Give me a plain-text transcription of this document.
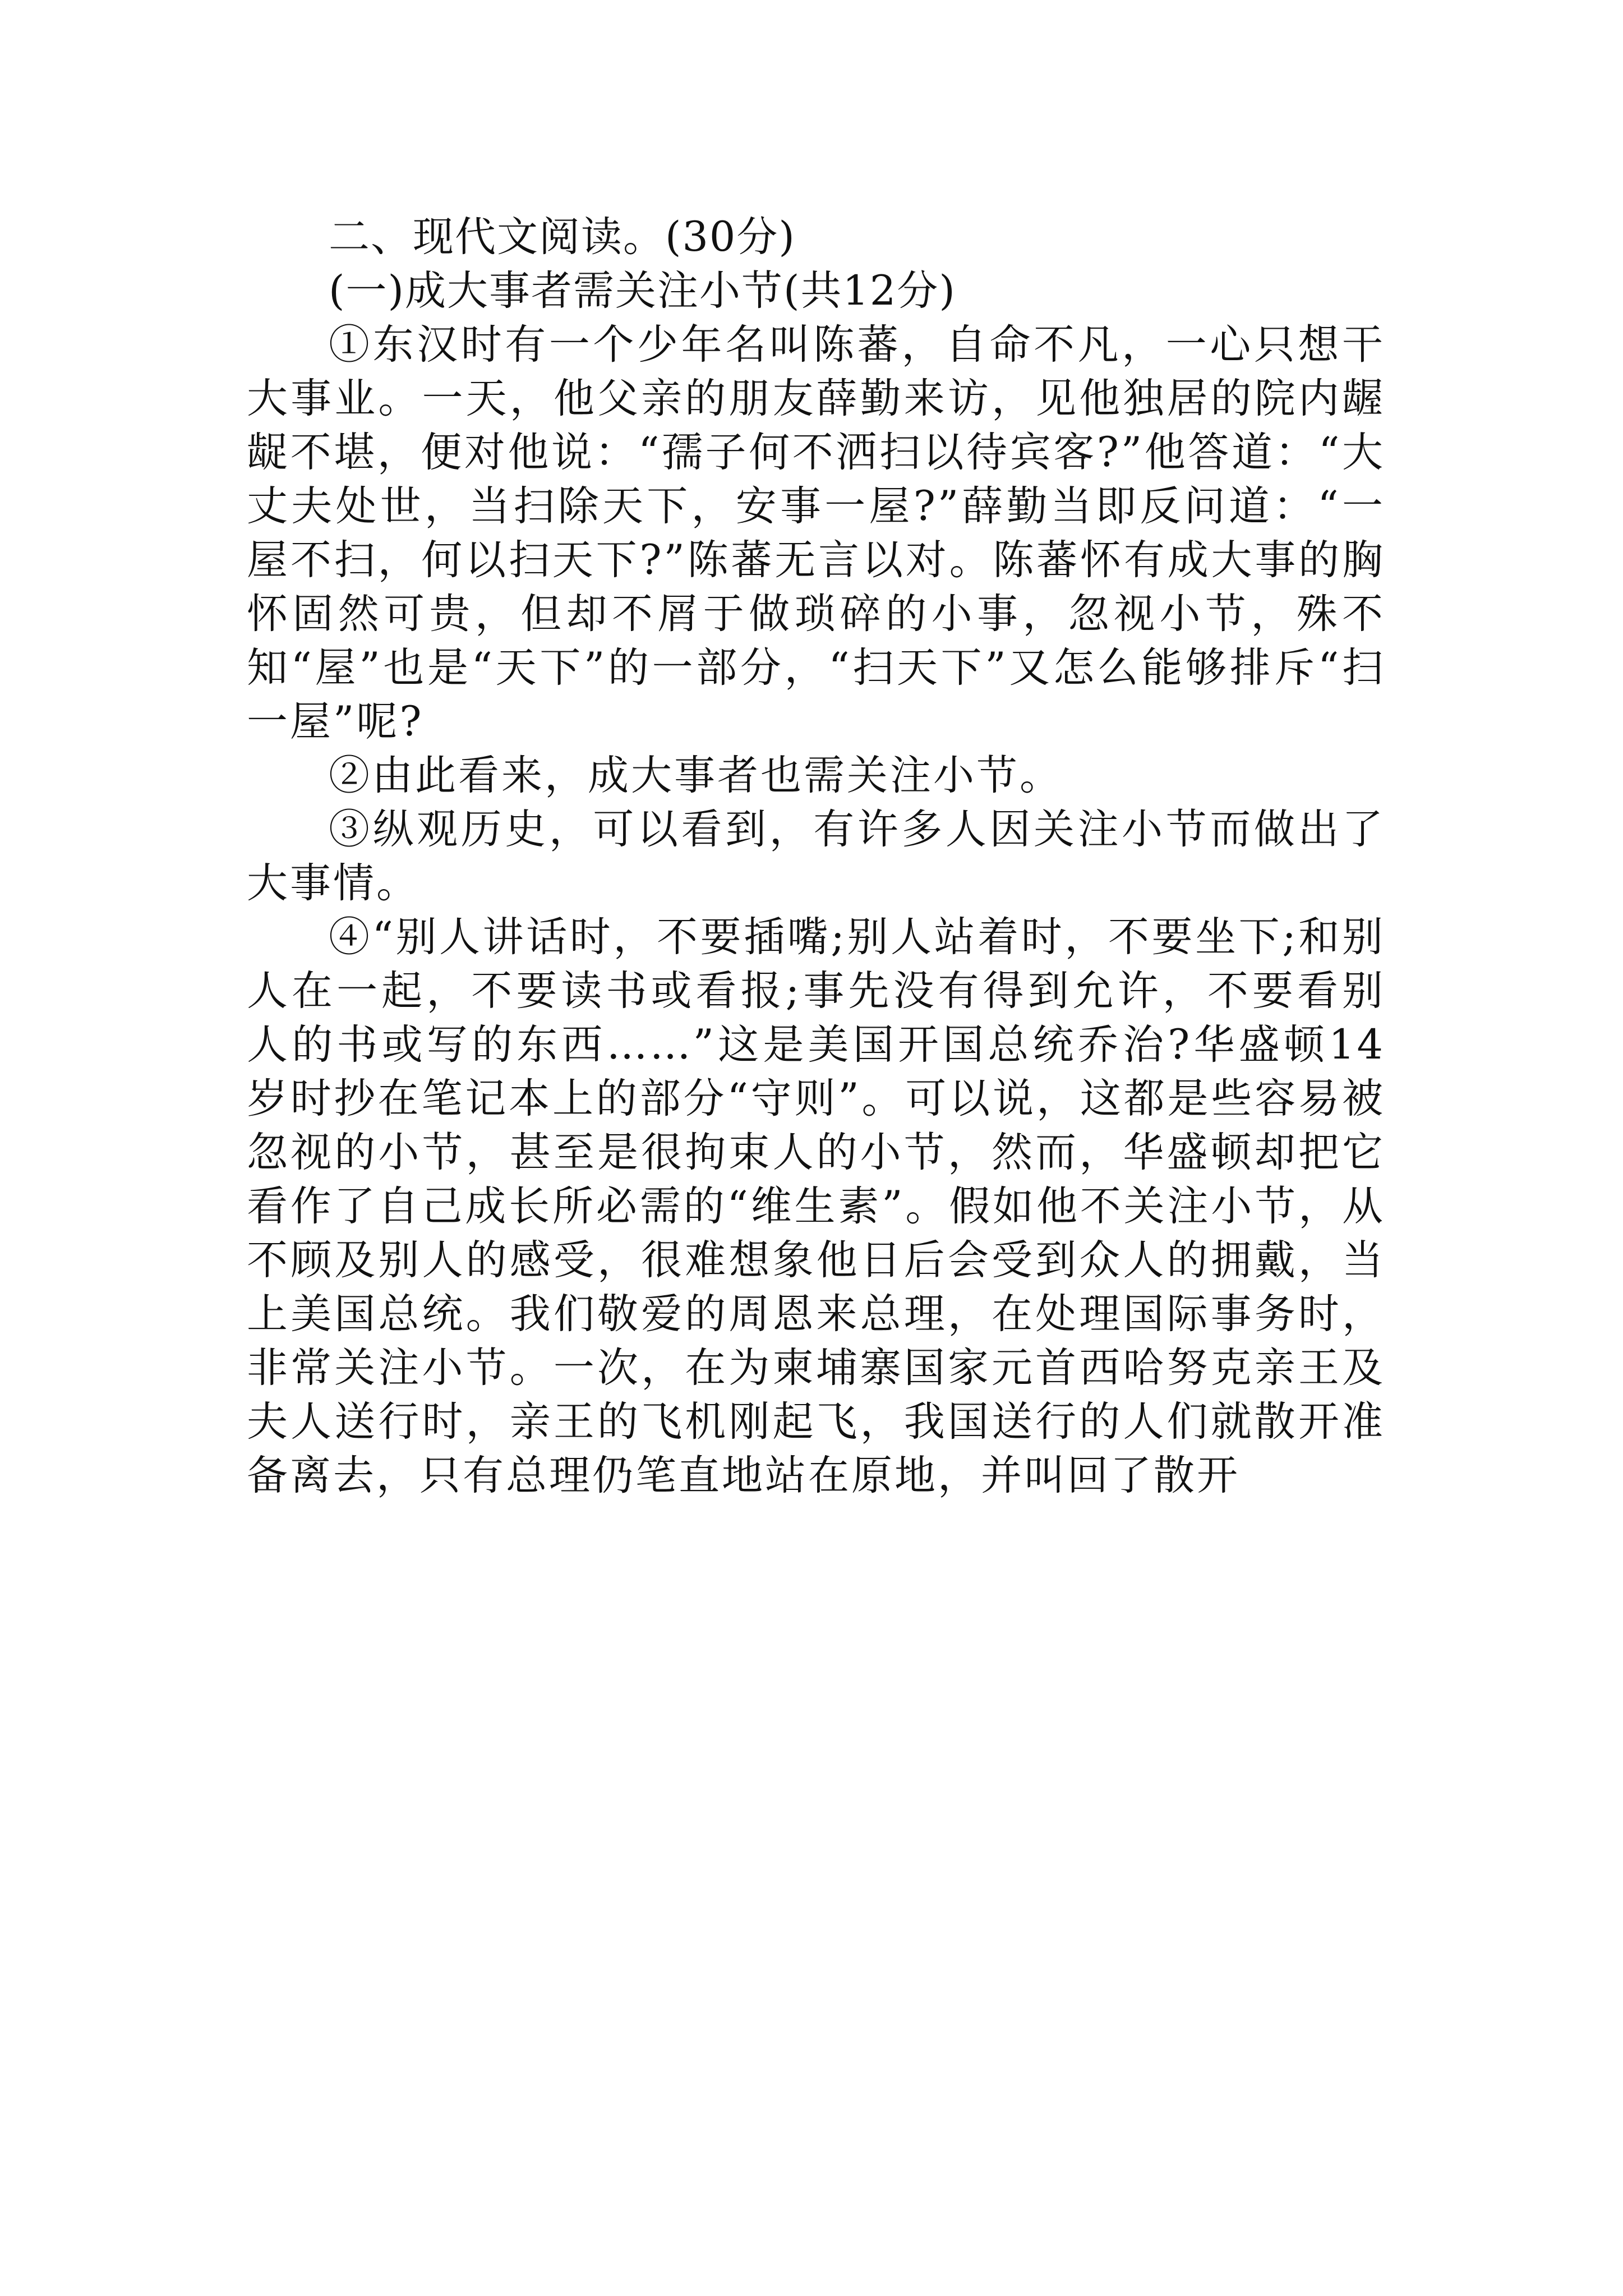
二、现代文阅读。(30分)

(一)成大事者需关注小节(共12分)

①东汉时有一个少年名叫陈蕃，自命不凡，一心只想干大事业。一天，他父亲的朋友薛勤来访，见他独居的院内龌龊不堪，便对他说：“孺子何不洒扫以待宾客?”他答道：“大丈夫处世，当扫除天下，安事一屋?”薛勤当即反问道：“一屋不扫，何以扫天下?”陈蕃无言以对。陈蕃怀有成大事的胸怀固然可贵，但却不屑于做琐碎的小事，忽视小节，殊不知“屋”也是“天下”的一部分，“扫天下”又怎么能够排斥“扫一屋”呢?

②由此看来，成大事者也需关注小节。

③纵观历史，可以看到，有许多人因关注小节而做出了大事情。

④“别人讲话时，不要插嘴;别人站着时，不要坐下;和别人在一起，不要读书或看报;事先没有得到允许，不要看别人的书或写的东西……”这是美国开国总统乔治?华盛顿14岁时抄在笔记本上的部分“守则”。可以说，这都是些容易被忽视的小节，甚至是很拘束人的小节，然而，华盛顿却把它看作了自己成长所必需的“维生素”。假如他不关注小节，从不顾及别人的感受，很难想象他日后会受到众人的拥戴，当上美国总统。我们敬爱的周恩来总理，在处理国际事务时，非常关注小节。一次，在为柬埔寨国家元首西哈努克亲王及夫人送行时，亲王的飞机刚起飞，我国送行的人们就散开准备离去，只有总理仍笔直地站在原地，并叫回了散开
